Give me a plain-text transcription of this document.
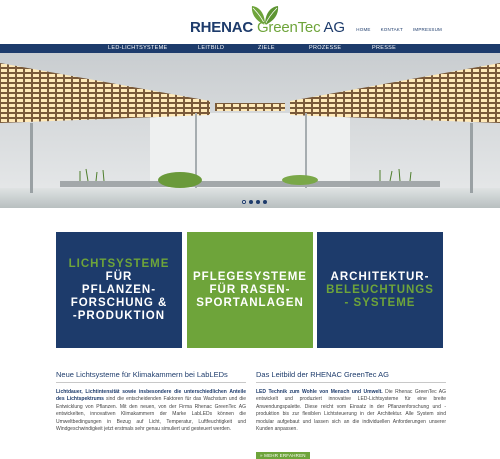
RHENAC GreenTec AG	HOME KONTAKT IMPRESSUM
LED-LICHTSYSTEME	LEITBILD	ZIELE	PROZESSE	PRESSE
LICHTSYSTEME
FÜR
PFLANZEN-
FORSCHUNG &
-PRODUKTION
PFLEGESYSTEME
FÜR RASEN-
SPORTANLAGEN
ARCHITEKTUR-
BELEUCHTUNGS
- SYSTEME
Neue Lichtsysteme für Klimakammern bei LabLEDs

Lichtdauer, Lichtintensität sowie insbesondere die unterschiedlichen Anteile des Lichtspektrums sind die entscheidenden Faktoren für das Wachstum und die Entwicklung von Pflanzen. Mit den neuen, von der Firma Rhenac GreenTec AG entwickelten, innovativen Klimakammern der Marke LabLEDs können die Umweltbedingungen in Bezug auf Licht, Temperatur, Luftfeuchtigkeit und Windgeschwindigkeit jetzt erstmals sehr genau simuliert und gesteuert werden.

Das Leitbild der RHENAC GreenTec AG

LED Technik zum Wohle von Mensch und Umwelt. Die Rhenac GreenTec AG entwickelt und produziert innovative LED-Lichtsysteme für eine breite Anwendungspalette. Diese reicht vom Einsatz in der Pflanzenforschung und -produktion bis zur flexiblen Lichtsteuerung in der Architektur. Alle System sind modular aufgebaut und lassen sich an die individuellen Anforderungen unserer Kunden anpassen.

» MEHR ERFAHREN
